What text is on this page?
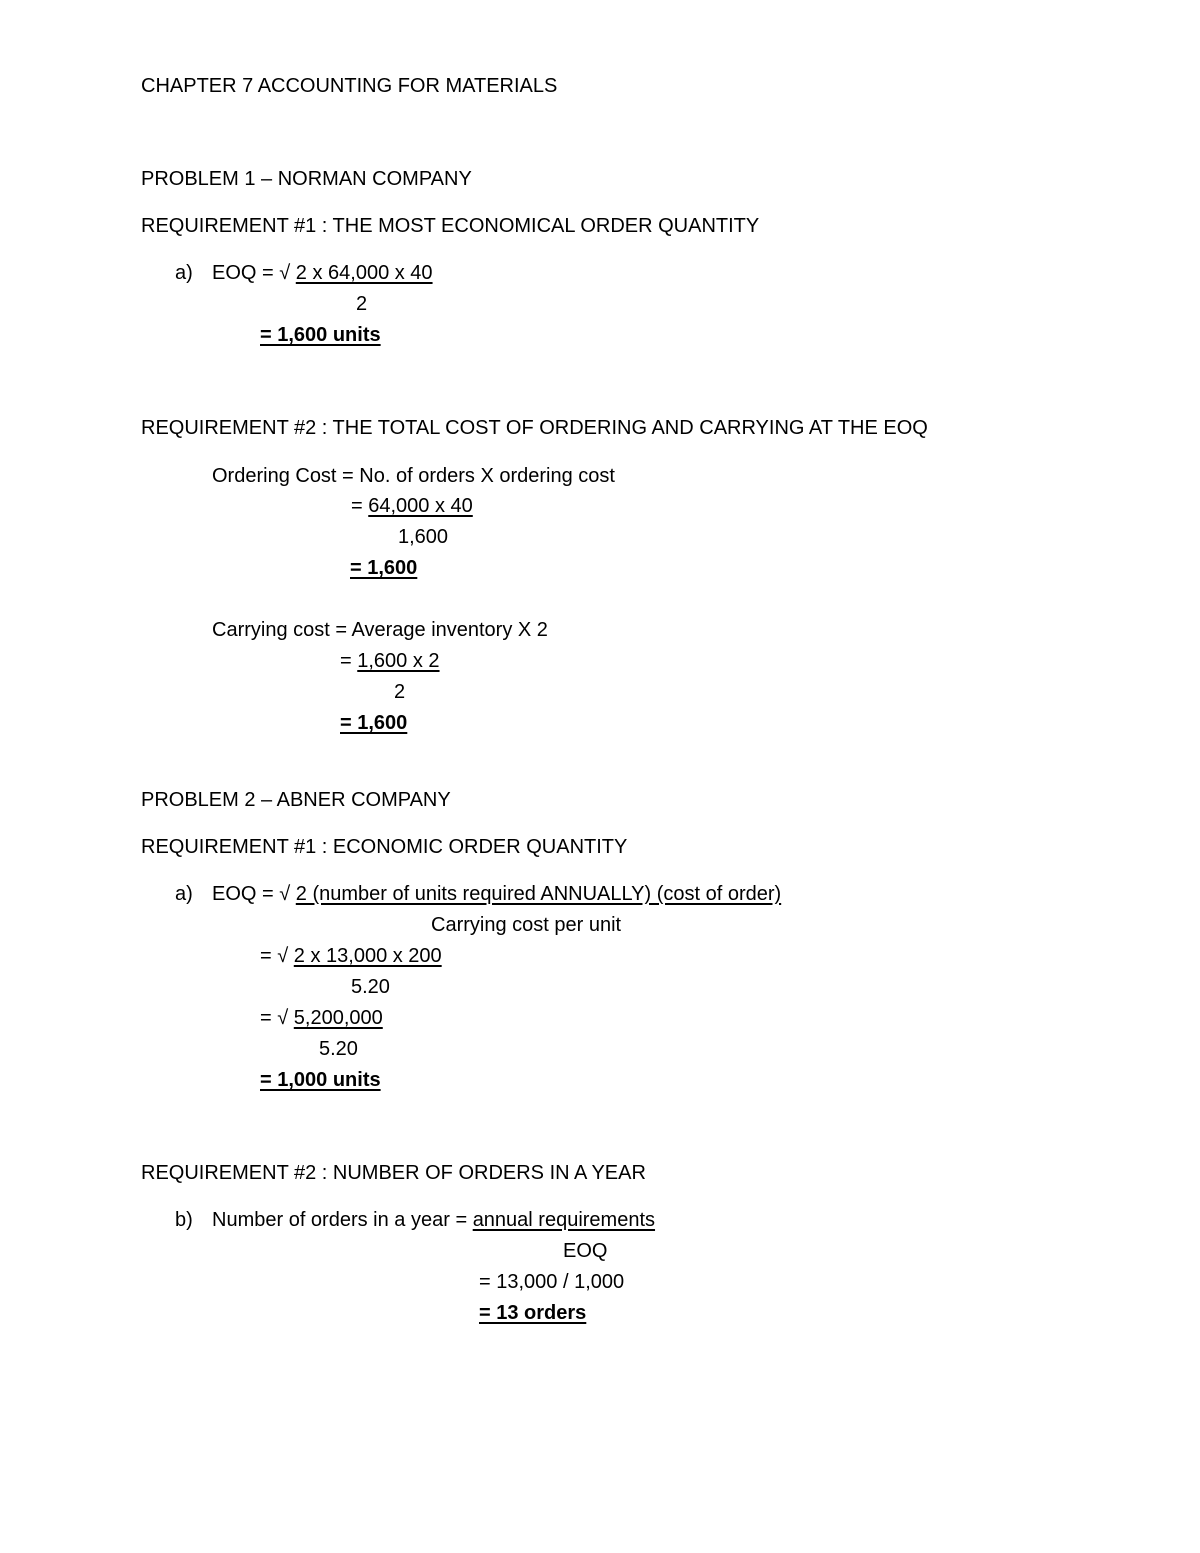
CHAPTER 7 ACCOUNTING FOR MATERIALS
PROBLEM 1 – NORMAN COMPANY
REQUIREMENT #1 : THE MOST ECONOMICAL ORDER QUANTITY
a) EOQ = √ 2 x 64,000 x 40
2
= 1,600 units
REQUIREMENT #2 : THE TOTAL COST OF ORDERING AND CARRYING AT THE EOQ
Ordering Cost = No. of orders X ordering cost
= 64,000 x 40
1,600
= 1,600
Carrying cost = Average inventory X 2
= 1,600 x 2
2
= 1,600
PROBLEM 2 – ABNER COMPANY
REQUIREMENT #1 : ECONOMIC ORDER QUANTITY
a) EOQ = √ 2 (number of units required ANNUALLY) (cost of order)
Carrying cost per unit
= √ 2 x 13,000 x 200
5.20
= √ 5,200,000
5.20
= 1,000 units
REQUIREMENT #2 : NUMBER OF ORDERS IN A YEAR
b) Number of orders in a year = annual requirements
EOQ
= 13,000 / 1,000
= 13 orders
